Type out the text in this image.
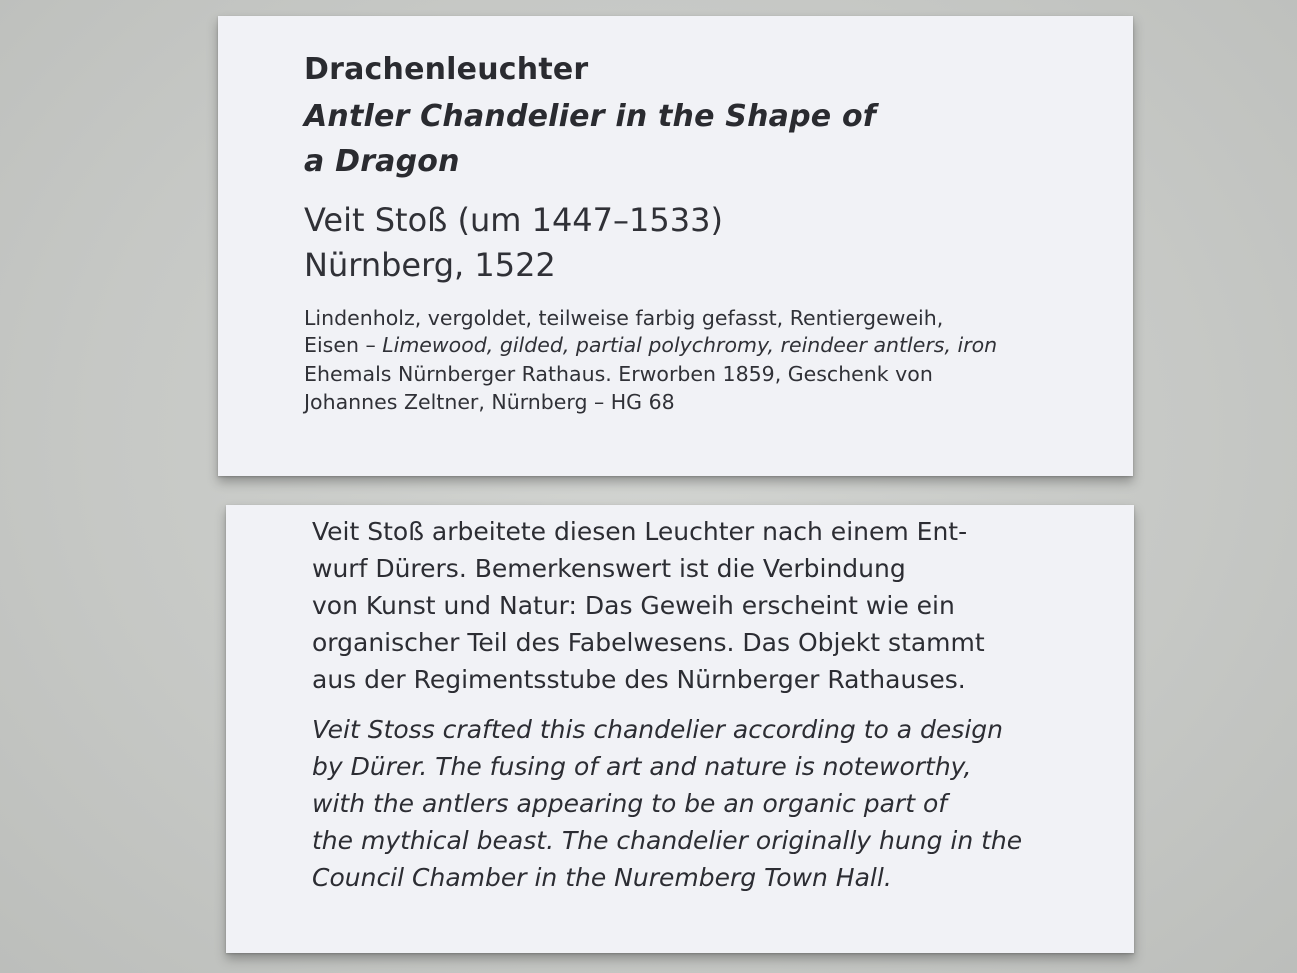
Drachenleuchter

Antler Chandelier in the Shape of

a Dragon

Veit Stoß (um 1447–1533)

Nürnberg, 1522

Lindenholz, vergoldet, teilweise farbig gefasst, Rentiergeweih,

Eisen – Limewood, gilded, partial polychromy, reindeer antlers, iron

Ehemals Nürnberger Rathaus. Erworben 1859, Geschenk von

Johannes Zeltner, Nürnberg – HG 68

Veit Stoß arbeitete diesen Leuchter nach einem Ent-

wurf Dürers. Bemerkenswert ist die Verbindung

von Kunst und Natur: Das Geweih erscheint wie ein

organischer Teil des Fabelwesens. Das Objekt stammt

aus der Regimentsstube des Nürnberger Rathauses.

Veit Stoss crafted this chandelier according to a design

by Dürer. The fusing of art and nature is noteworthy,

with the antlers appearing to be an organic part of

the mythical beast. The chandelier originally hung in the

Council Chamber in the Nuremberg Town Hall.
